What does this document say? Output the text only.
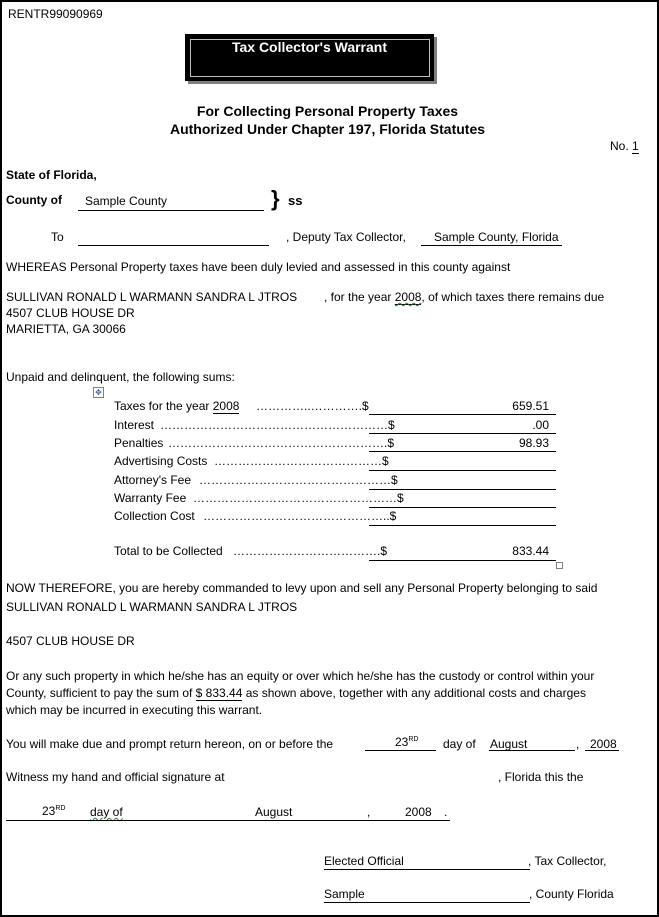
RENTR99090969
Tax Collector's Warrant
For Collecting Personal Property Taxes
Authorized Under Chapter 197, Florida Statutes
No. 1
State of Florida,
County of Sample County	} ss
To	, Deputy Tax Collector, Sample County, Florida
WHEREAS Personal Property taxes have been duly levied and assessed in this county against
SULLIVAN RONALD L WARMANN SANDRA L JTROS , for the year 2008, of which taxes there remains due
4507 CLUB HOUSE DR
MARIETTA, GA 30066
Unpaid and delinquent, the following sums:
✥
Taxes for the year 2008 …………..………….$	659.51
Interest …………………………………………………$	.00
Penalties ……………………………………………….$	98.93
Advertising Costs ……………………………………$
Attorney's Fee …………………………………………$
Warranty Fee ……………………………………………$
Collection Cost ………………………………………..$
Total to be Collected ……………………………….$	833.44
NOW THEREFORE, you are hereby commanded to levy upon and sell any Personal Property belonging to said
SULLIVAN RONALD L WARMANN SANDRA L JTROS
4507 CLUB HOUSE DR
Or any such property in which he/she has an equity or over which he/she has the custody or control within your
County, sufficient to pay the sum of $ 833.44 as shown above, together with any additional costs and charges
which may be incurred in executing this warrant.
You will make due and prompt return hereon, on or before the	23RD day of August	, 2008
Witness my hand and official signature at	, Florida this the
23RD day of	August	,	2008 .
Elected Official	, Tax Collector,
Sample	, County Florida
